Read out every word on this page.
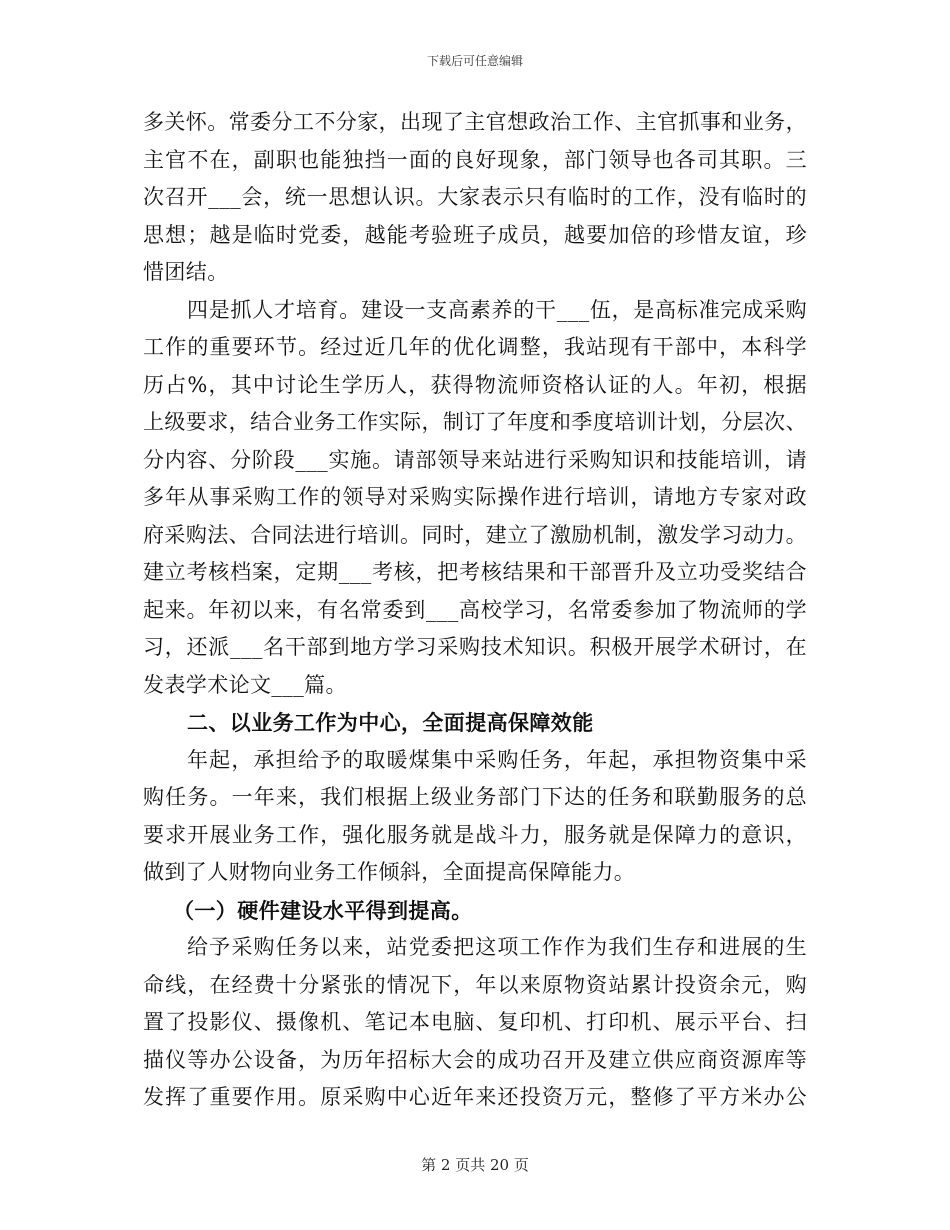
下载后可任意编辑
多关怀。常委分工不分家，出现了主官想政治工作、主官抓事和业务，
主官不在，副职也能独挡一面的良好现象，部门领导也各司其职。三
次召开___会，统一思想认识。大家表示只有临时的工作，没有临时的
思想；越是临时党委，越能考验班子成员，越要加倍的珍惜友谊，珍
惜团结。
四是抓人才培育。建设一支高素养的干___伍，是高标准完成采购
工作的重要环节。经过近几年的优化调整，我站现有干部中，本科学
历占%，其中讨论生学历人，获得物流师资格认证的人。年初，根据
上级要求，结合业务工作实际，制订了年度和季度培训计划，分层次、
分内容、分阶段___实施。请部领导来站进行采购知识和技能培训，请
多年从事采购工作的领导对采购实际操作进行培训，请地方专家对政
府采购法、合同法进行培训。同时，建立了激励机制，激发学习动力。
建立考核档案，定期___考核，把考核结果和干部晋升及立功受奖结合
起来。年初以来，有名常委到___高校学习，名常委参加了物流师的学
习，还派___名干部到地方学习采购技术知识。积极开展学术研讨，在
发表学术论文___篇。
二、以业务工作为中心，全面提高保障效能
年起，承担给予的取暖煤集中采购任务，年起，承担物资集中采
购任务。一年来，我们根据上级业务部门下达的任务和联勤服务的总
要求开展业务工作，强化服务就是战斗力，服务就是保障力的意识，
做到了人财物向业务工作倾斜，全面提高保障能力。
（一）硬件建设水平得到提高。
给予采购任务以来，站党委把这项工作作为我们生存和进展的生
命线，在经费十分紧张的情况下，年以来原物资站累计投资余元，购
置了投影仪、摄像机、笔记本电脑、复印机、打印机、展示平台、扫
描仪等办公设备，为历年招标大会的成功召开及建立供应商资源库等
发挥了重要作用。原采购中心近年来还投资万元，整修了平方米办公
第 2 页共 20 页
